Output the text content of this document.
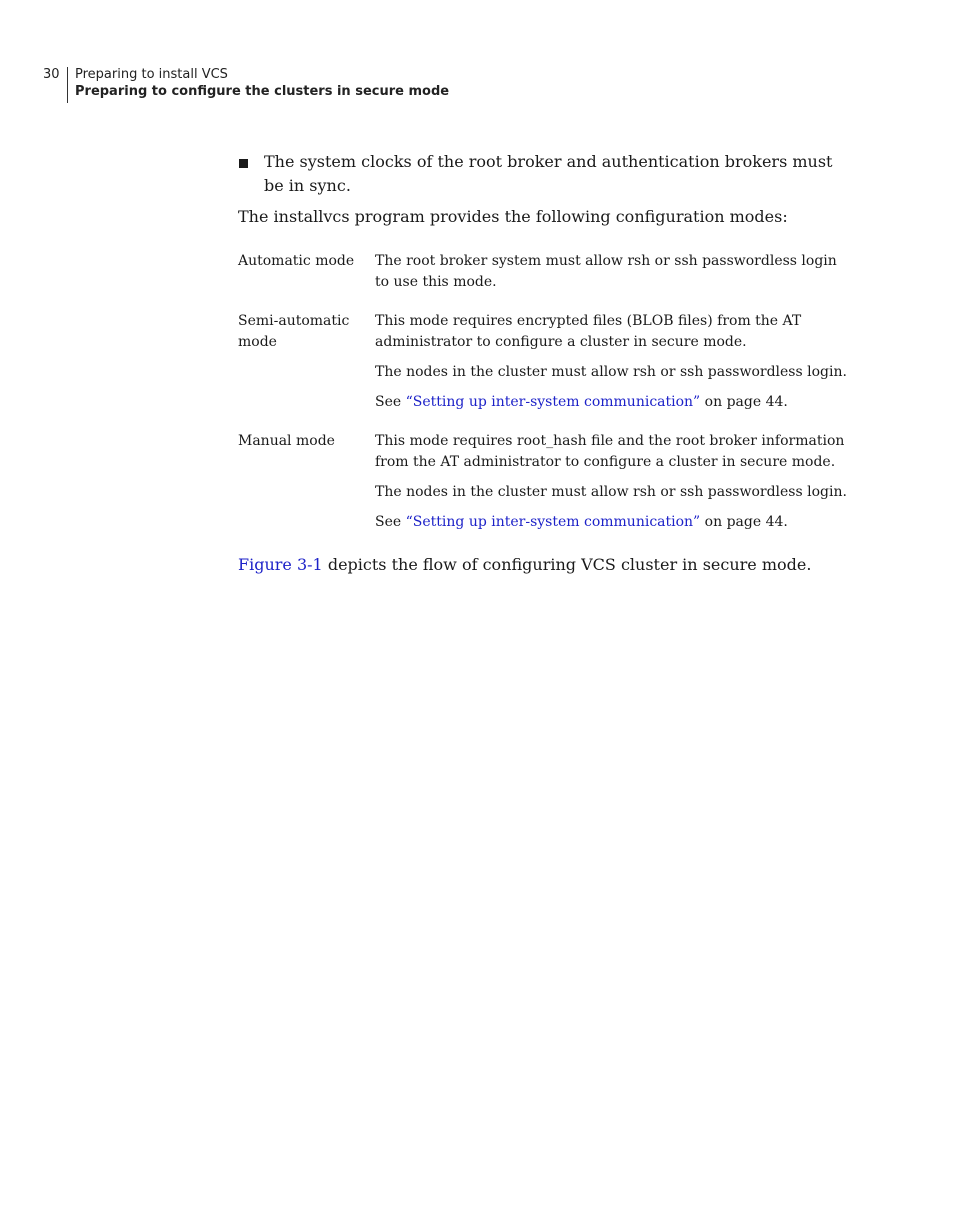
30 Preparing to install VCS
Preparing to configure the clusters in secure mode
The system clocks of the root broker and authentication brokers must be in sync.

The installvcs program provides the following configuration modes:

Automatic mode	The root broker system must allow rsh or ssh passwordless login to use this mode.

Semi-automatic mode

This mode requires encrypted files (BLOB files) from the AT administrator to configure a cluster in secure mode.

The nodes in the cluster must allow rsh or ssh passwordless login.

See “Setting up inter-system communication” on page 44.

Manual mode	This mode requires root_hash file and the root broker information from the AT administrator to configure a cluster in secure mode.

The nodes in the cluster must allow rsh or ssh passwordless login.

See “Setting up inter-system communication” on page 44.

Figure 3-1 depicts the flow of configuring VCS cluster in secure mode.
